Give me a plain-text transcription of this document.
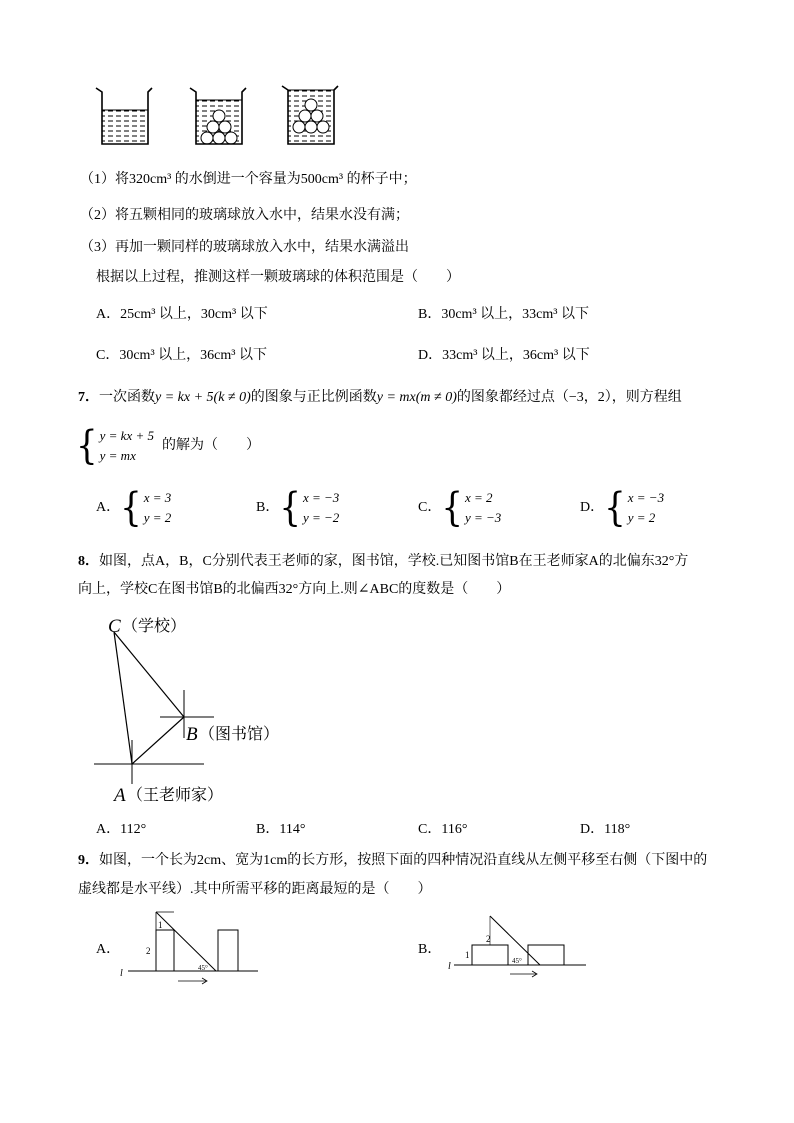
（1）将320cm³ 的水倒进一个容量为500cm³ 的杯子中；
（2）将五颗相同的玻璃球放入水中，结果水没有满；
（3）再加一颗同样的玻璃球放入水中，结果水满溢出
根据以上过程，推测这样一颗玻璃球的体积范围是（　　）
A．25cm³ 以上，30cm³ 以下	B．30cm³ 以上，33cm³ 以下
C．30cm³ 以上，36cm³ 以下	D．33cm³ 以上，36cm³ 以下
7．一次函数y = kx + 5(k ≠ 0)的图象与正比例函数y = mx(m ≠ 0)的图象都经过点（−3，2），则方程组
{ y = kx + 5
y = mx
的解为（　　）
A． { x = 3
y = 2
B． { x = −3
y = −2
C． { x = 2
y = −3
D． { x = −3
y = 2
8．如图，点A，B，C分别代表王老师的家，图书馆，学校.已知图书馆B在王老师家A的北偏东32°方
向上，学校C在图书馆B的北偏西32°方向上.则∠ABC的度数是（　　）
C （学校）
B （图书馆）
A （王老师家）
A．112°	B．114°	C．116°	D．118°
9．如图，一个长为2cm、宽为1cm的长方形，按照下面的四种情况沿直线从左侧平移至右侧（下图中的
虚线都是水平线）.其中所需平移的距离最短的是（　　）
A．
l
1
2
45°
B．
l
2
1
45°
